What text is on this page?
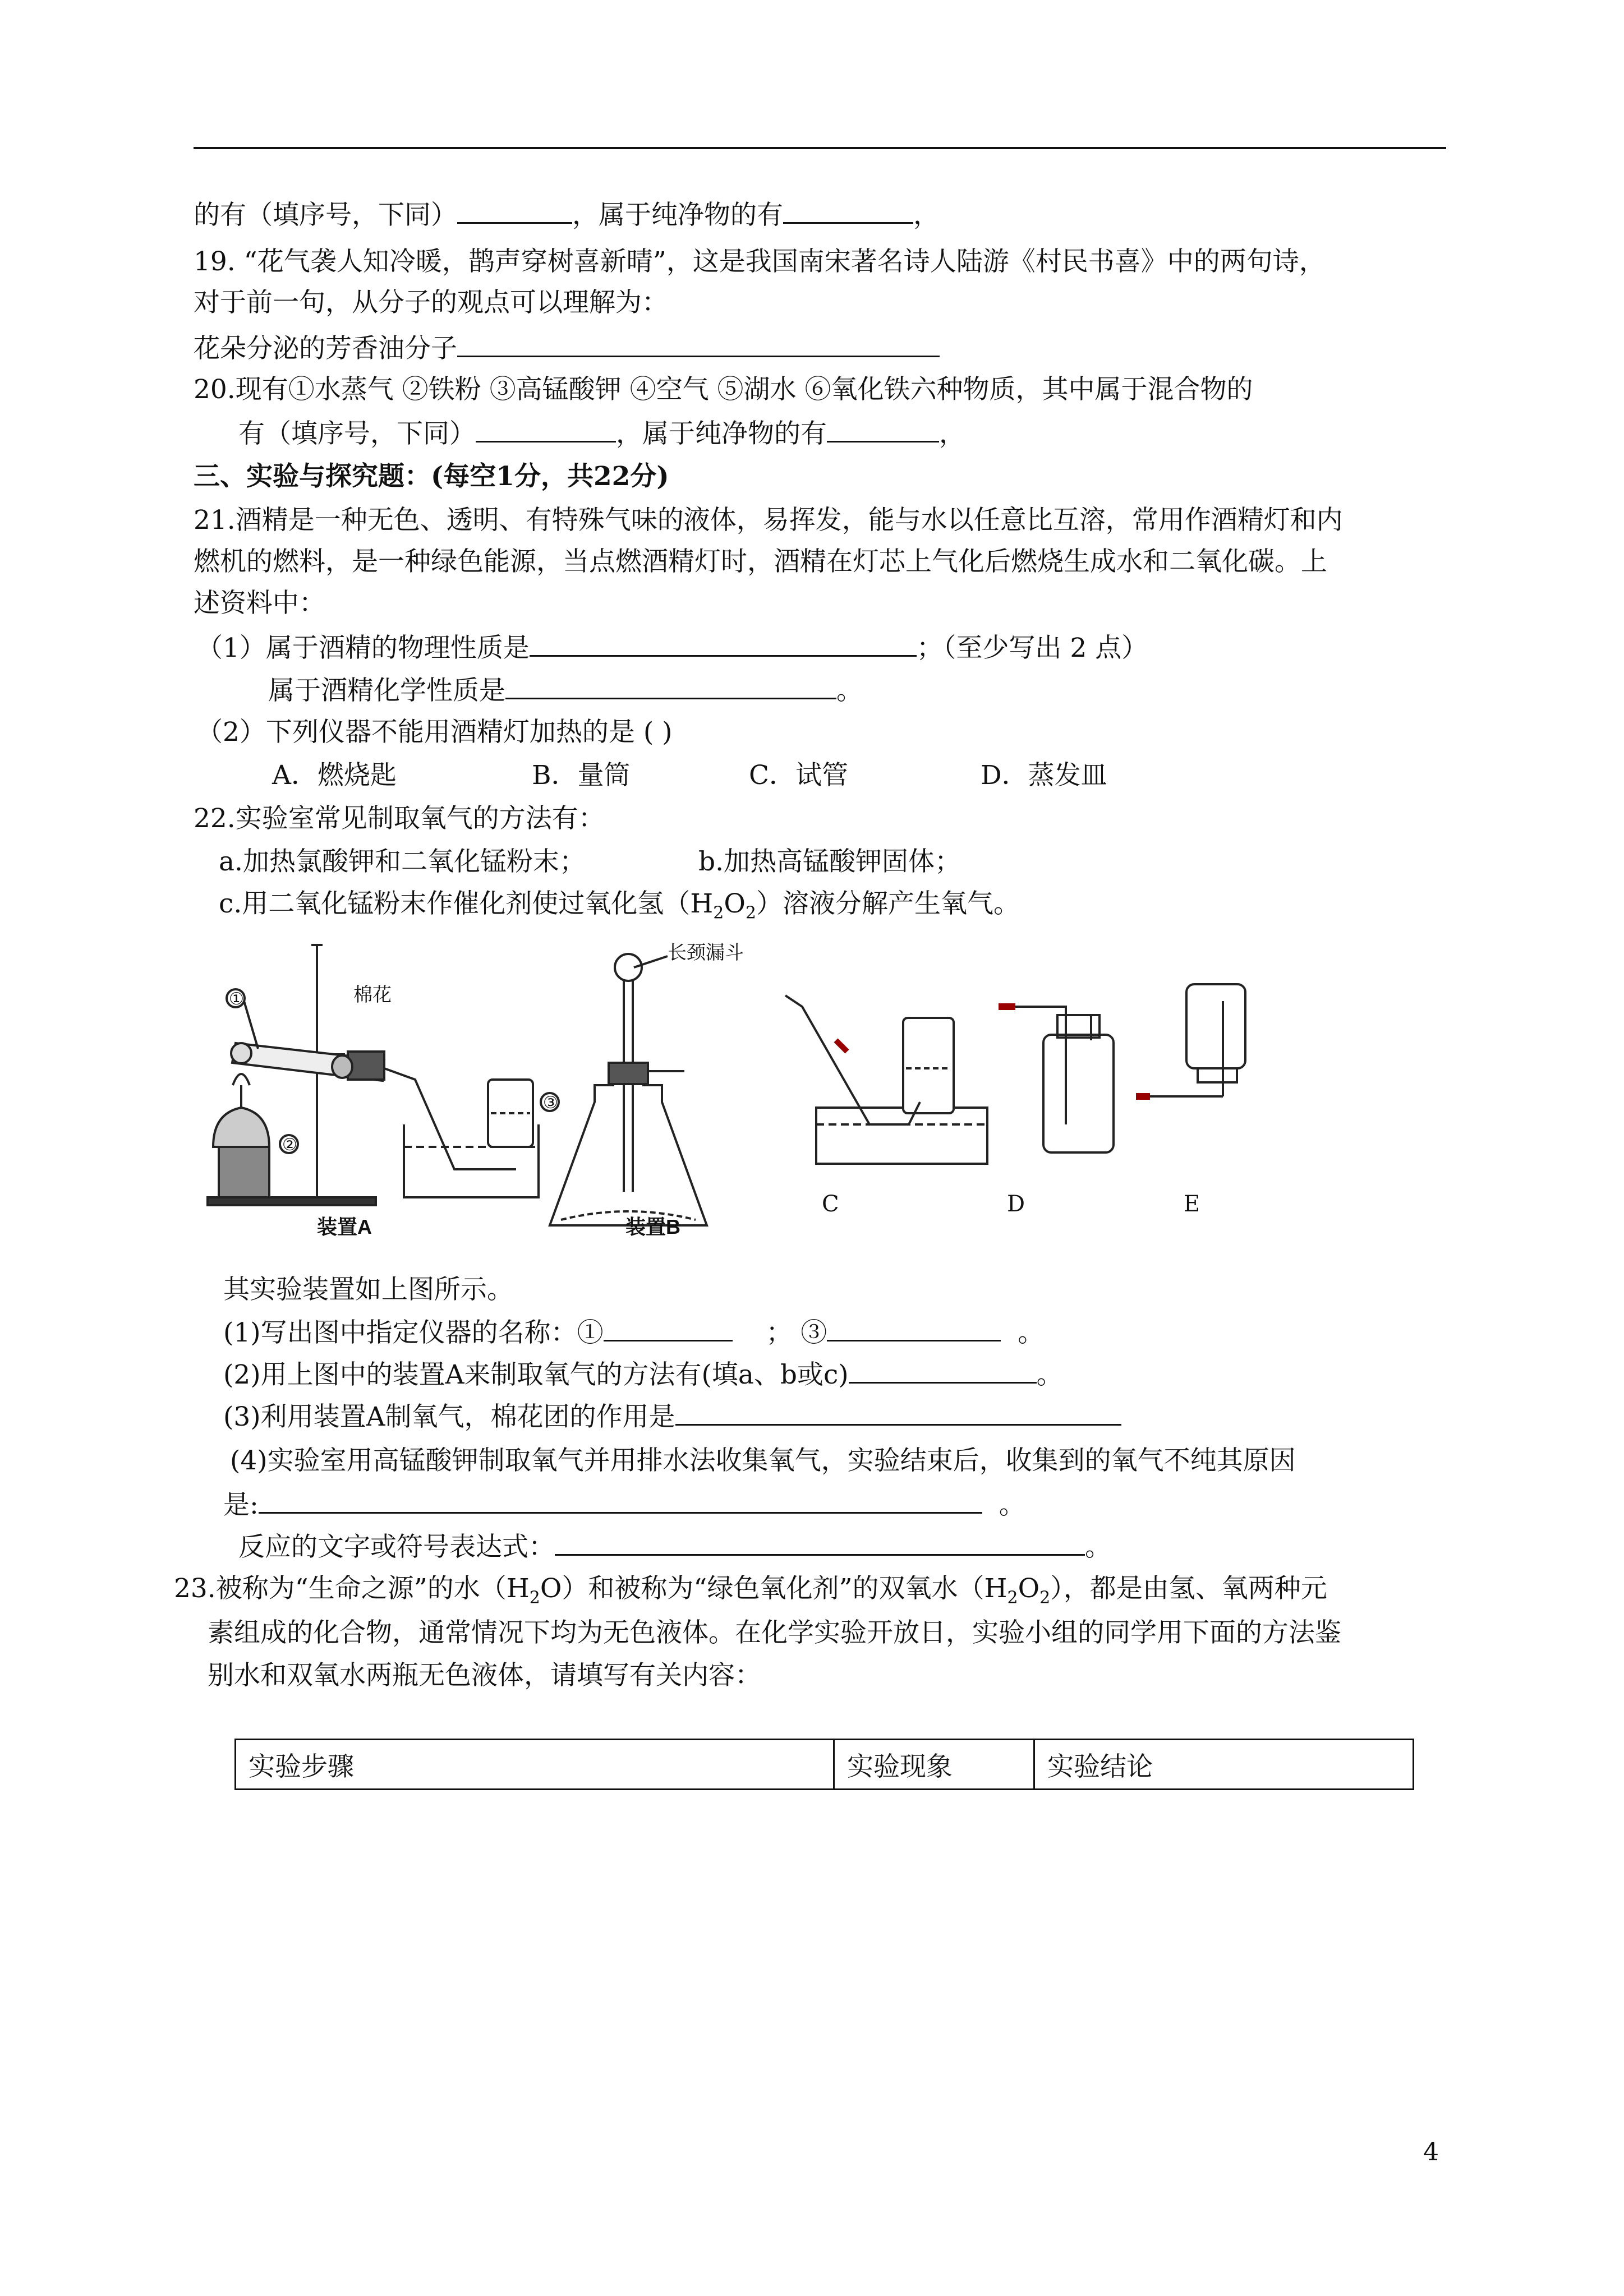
的有（填序号，下同）	，属于纯净物的有	，
19. “花气袭人知冷暖，鹊声穿树喜新晴”，这是我国南宋著名诗人陆游《村民书喜》中的两句诗，
对于前一句，从分子的观点可以理解为：
花朵分泌的芳香油分子
20.现有①水蒸气 ②铁粉 ③高锰酸钾 ④空气 ⑤湖水 ⑥氧化铁六种物质，其中属于混合物的
有（填序号，下同）	，属于纯净物的有	，
三、实验与探究题：(每空1分，共22分)
21.酒精是一种无色、透明、有特殊气味的液体，易挥发，能与水以任意比互溶，常用作酒精灯和内
燃机的燃料，是一种绿色能源，当点燃酒精灯时，酒精在灯芯上气化后燃烧生成水和二氧化碳。上
述资料中：
（1）属于酒精的物理性质是	；（至少写出 2 点）
属于酒精化学性质是	。
（2）下列仪器不能用酒精灯加热的是 ( )
A．燃烧匙	B．量筒	C．试管	D．蒸发皿
22.实验室常见制取氧气的方法有：
a.加热氯酸钾和二氧化锰粉末；	b.加热高锰酸钾固体；
c.用二氧化锰粉末作催化剂使过氧化氢$(H_2O_2)$溶液分解产生氧气。
棉花
长颈漏斗
①
②
③
装置A	装置B
C	D	E
其实验装置如上图所示。
(1)写出图中指定仪器的名称：①	； ③	。
(2)用上图中的装置A来制取氧气的方法有(填a、b或c)	。
(3)利用装置A制氧气，棉花团的作用是
(4)实验室用高锰酸钾制取氧气并用排水法收集氧气，实验结束后，收集到的氧气不纯其原因
是:	。
反应的文字或符号表达式：	。
23.被称为“生命之源”的水$(H_2O)$和被称为“绿色氧化剂”的双氧水$(H_2O_2)$，都是由氢、氧两种元
素组成的化合物，通常情况下均为无色液体。在化学实验开放日，实验小组的同学用下面的方法鉴
别水和双氧水两瓶无色液体，请填写有关内容：
实验步骤	实验现象	实验结论
4
